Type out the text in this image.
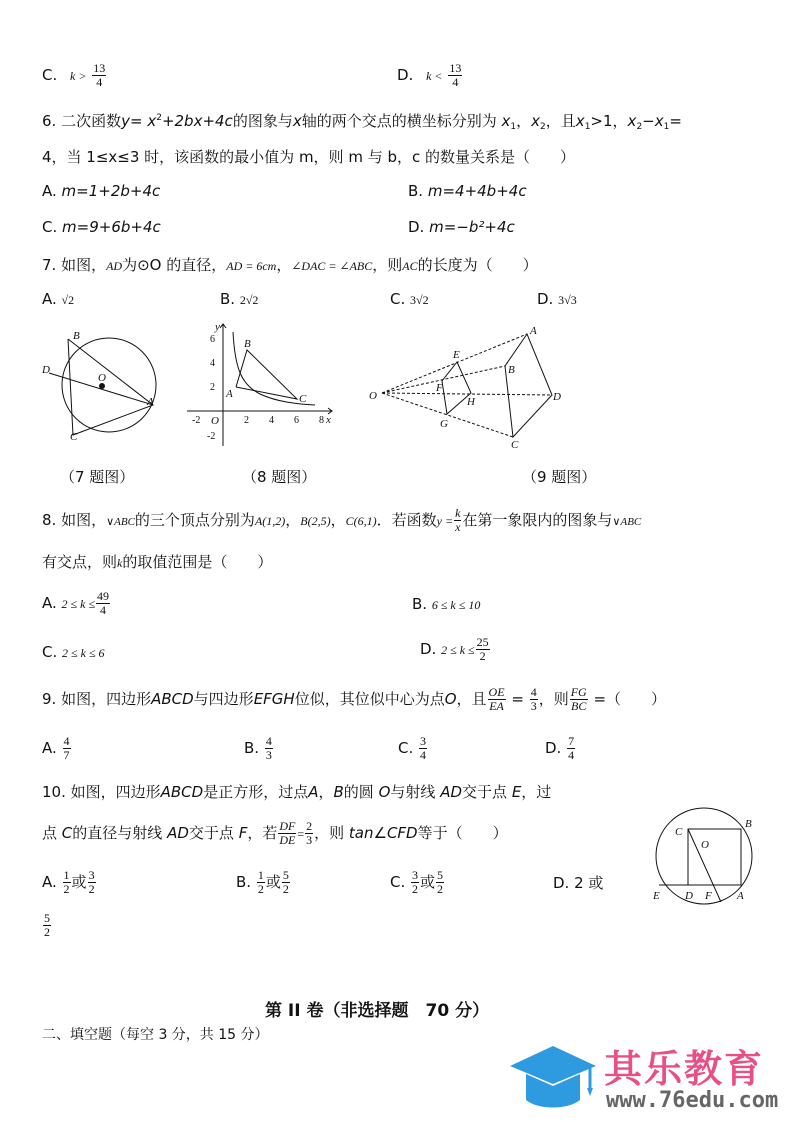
C. $k > \frac{13}{4}$	D. $k < \frac{13}{4}$
6. 二次函数$y= x^2+2bx+4c$的图象与x轴的两个交点的横坐标分别为 $x_1$，$x_2$，且$x_1>1$，$x_2-x_1=$
4，当 1≤x≤3 时，该函数的最小值为 m，则 m 与 b，c 的数量关系是（　　）
A. m=1+2b+4c	B. m=4+4b+4c
C. m=9+6b+4c	D. m=−b²+4c
7. 如图，AD为⊙O 的直径，AD = 6cm，∠DAC = ∠ABC，则AC的长度为（　　）
A. √2	B. 2√2	C. 3√2	D. 3√3
B
D
O
A
C
（7 题图）
y
x
O
B
A	C
-2	2 4 6 8
6
4
2
-2
（8 题图）
O
A
B
C
D
E
F
G
H
（9 题图）
8. 如图，∨ABC的三个顶点分别为A(1,2)，B(2,5)，C(6,1)．若函数$y = \frac{k}{x}$ 在第一象限内的图象与∨ABC
有交点，则k的取值范围是（　　）
A. $2 \le k \le \frac{49}{4}$	B. 6 ≤ k ≤ 10
C. 2 ≤ k ≤ 6	D. $2 \le k \le \frac{25}{2}$
9. 如图，四边形ABCD与四边形EFGH位似，其位似中心为点O，且 $\frac{OE}{EA} = \frac{4}{3}$ ，则 $\frac{FG}{BC}$ =（　　）
A. $\frac{4}{7}$	B. $\frac{4}{3}$	C. $\frac{3}{4}$	D. $\frac{7}{4}$
10. 如图，四边形ABCD是正方形，过点A，B的圆 O与射线 AD交于点 E，过
点 C的直径与射线 AD交于点 F，若 $\frac{DF}{DE} = \frac{2}{3}$ ，则 tan∠CFD等于（　　）
A. $\frac{1}{2}$ 或 $\frac{3}{2}$	B. $\frac{1}{2}$ 或 $\frac{5}{2}$	C. $\frac{3}{2}$ 或 $\frac{5}{2}$	D. 2 或
$\frac{5}{2}$
C
B
O
E D F A
第 II 卷（非选择题　70 分）
二、填空题（每空 3 分，共 15 分）
其乐教育
www.76edu.com
